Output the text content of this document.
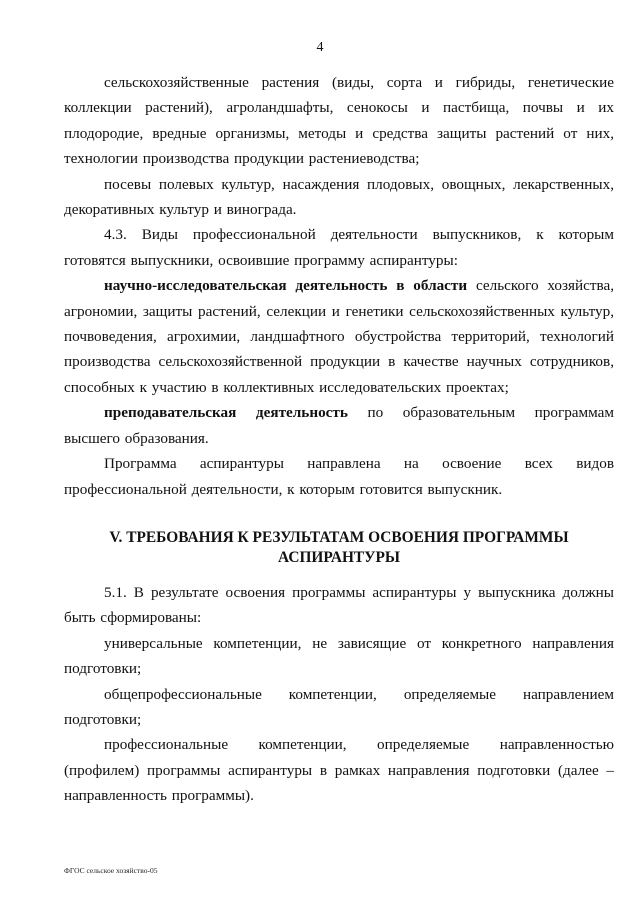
4

сельскохозяйственные растения (виды, сорта и гибриды, генетические коллекции растений), агроландшафты, сенокосы и пастбища, почвы и их плодородие, вредные организмы, методы и средства защиты растений от них, технологии производства продукции растениеводства;

посевы полевых культур, насаждения плодовых, овощных, лекарственных, декоративных культур и винограда.

4.3. Виды профессиональной деятельности выпускников, к которым готовятся выпускники, освоившие программу аспирантуры:

научно-исследовательская деятельность в области сельского хозяйства, агрономии, защиты растений, селекции и генетики сельскохозяйственных культур, почвоведения, агрохимии, ландшафтного обустройства территорий, технологий производства сельскохозяйственной продукции в качестве научных сотрудников, способных к участию в коллективных исследовательских проектах;

преподавательская деятельность по образовательным программам высшего образования.

Программа аспирантуры направлена на освоение всех видов профессиональной деятельности, к которым готовится выпускник.

V. ТРЕБОВАНИЯ К РЕЗУЛЬТАТАМ ОСВОЕНИЯ ПРОГРАММЫ
АСПИРАНТУРЫ

5.1. В результате освоения программы аспирантуры у выпускника должны быть сформированы:

универсальные компетенции, не зависящие от конкретного направления подготовки;

общепрофессиональные компетенции, определяемые направлением подготовки;

профессиональные компетенции, определяемые направленностью (профилем) программы аспирантуры в рамках направления подготовки (далее – направленность программы).

ФГОС сельское хозяйство-05
